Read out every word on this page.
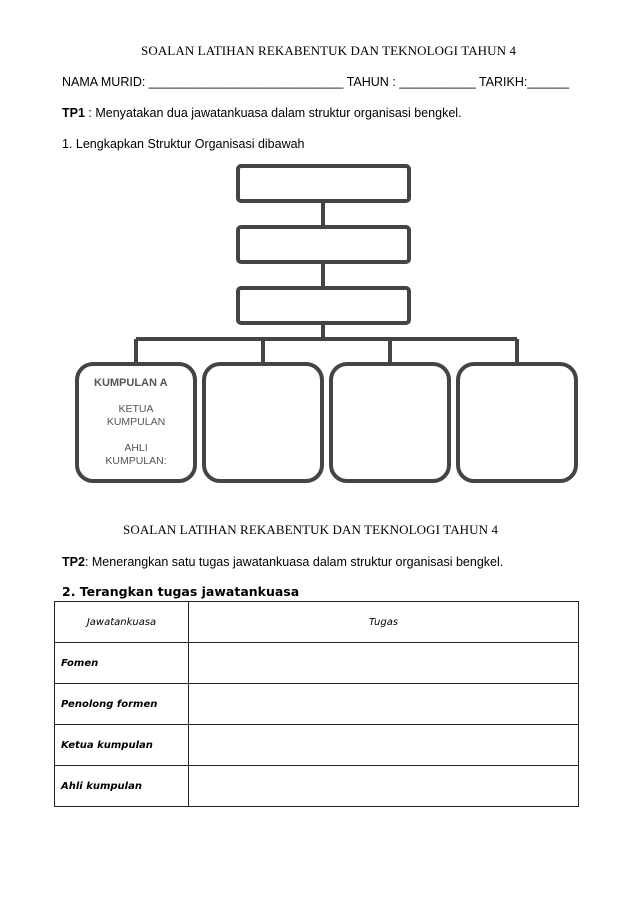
SOALAN LATIHAN REKABENTUK DAN TEKNOLOGI TAHUN 4
NAMA MURID: ____________________________ TAHUN : ___________ TARIKH:______
TP1 : Menyatakan dua jawatankuasa dalam struktur organisasi bengkel.
1. Lengkapkan Struktur Organisasi dibawah
KUMPULAN A
KETUA
KUMPULAN
AHLI
KUMPULAN:
SOALAN LATIHAN REKABENTUK DAN TEKNOLOGI TAHUN 4
TP2: Menerangkan satu tugas jawatankuasa dalam struktur organisasi bengkel.
2. Terangkan tugas jawatankuasa
Jawatankuasa	Tugas
Fomen	
Penolong formen	
Ketua kumpulan	
Ahli kumpulan	
